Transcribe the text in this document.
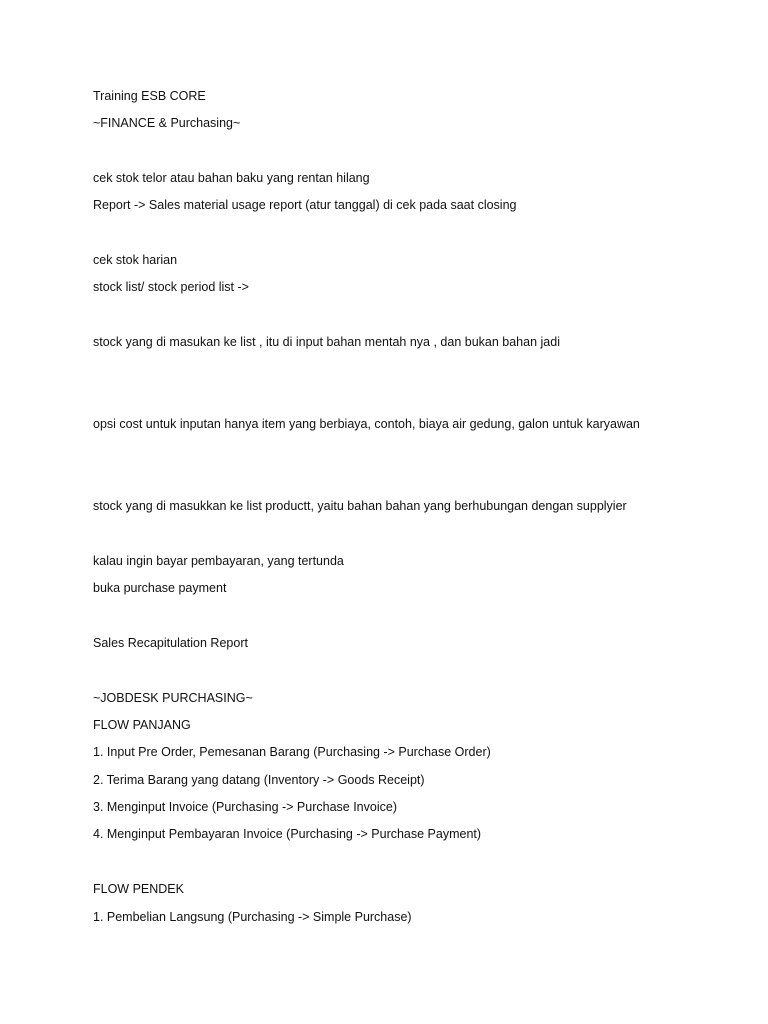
Training ESB CORE
~FINANCE & Purchasing~
cek stok telor atau bahan baku yang rentan hilang
Report -> Sales material usage report (atur tanggal) di cek pada saat closing
cek stok harian
stock list/ stock period list ->
stock yang di masukan ke list , itu di input bahan mentah nya , dan bukan bahan jadi
opsi cost untuk inputan hanya item yang berbiaya, contoh, biaya air gedung, galon untuk karyawan
stock yang di masukkan ke list productt, yaitu bahan bahan yang berhubungan dengan supplyier
kalau ingin bayar pembayaran, yang tertunda
buka purchase payment
Sales Recapitulation Report
~JOBDESK PURCHASING~
FLOW PANJANG
1. Input Pre Order, Pemesanan Barang (Purchasing -> Purchase Order)
2. Terima Barang yang datang (Inventory -> Goods Receipt)
3. Menginput Invoice (Purchasing -> Purchase Invoice)
4. Menginput Pembayaran Invoice (Purchasing -> Purchase Payment)
FLOW PENDEK
1. Pembelian Langsung (Purchasing -> Simple Purchase)
